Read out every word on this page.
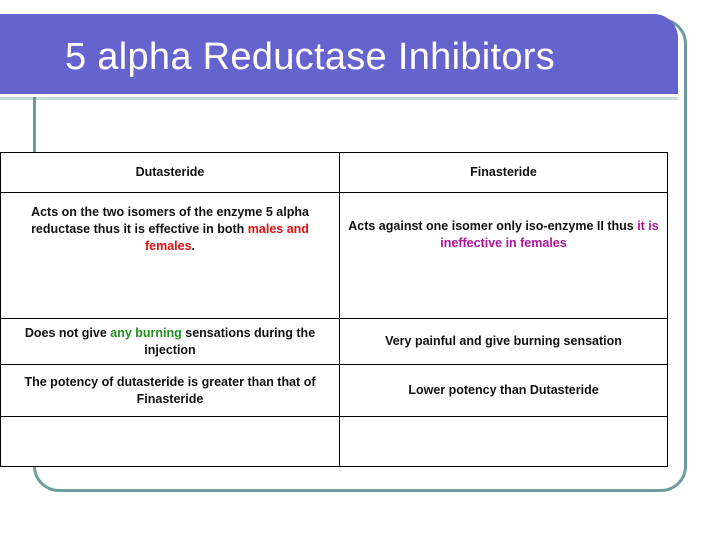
5 alpha Reductase Inhibitors
Dutasteride	Finasteride
Acts on the two isomers of the enzyme 5 alpha reductase thus it is effective in both males and females.	Acts against one isomer only iso-enzyme II thus it is ineffective in females
Does not give any burning sensations during the injection	Very painful and give burning sensation
The potency of dutasteride is greater than that of Finasteride	Lower potency than Dutasteride
